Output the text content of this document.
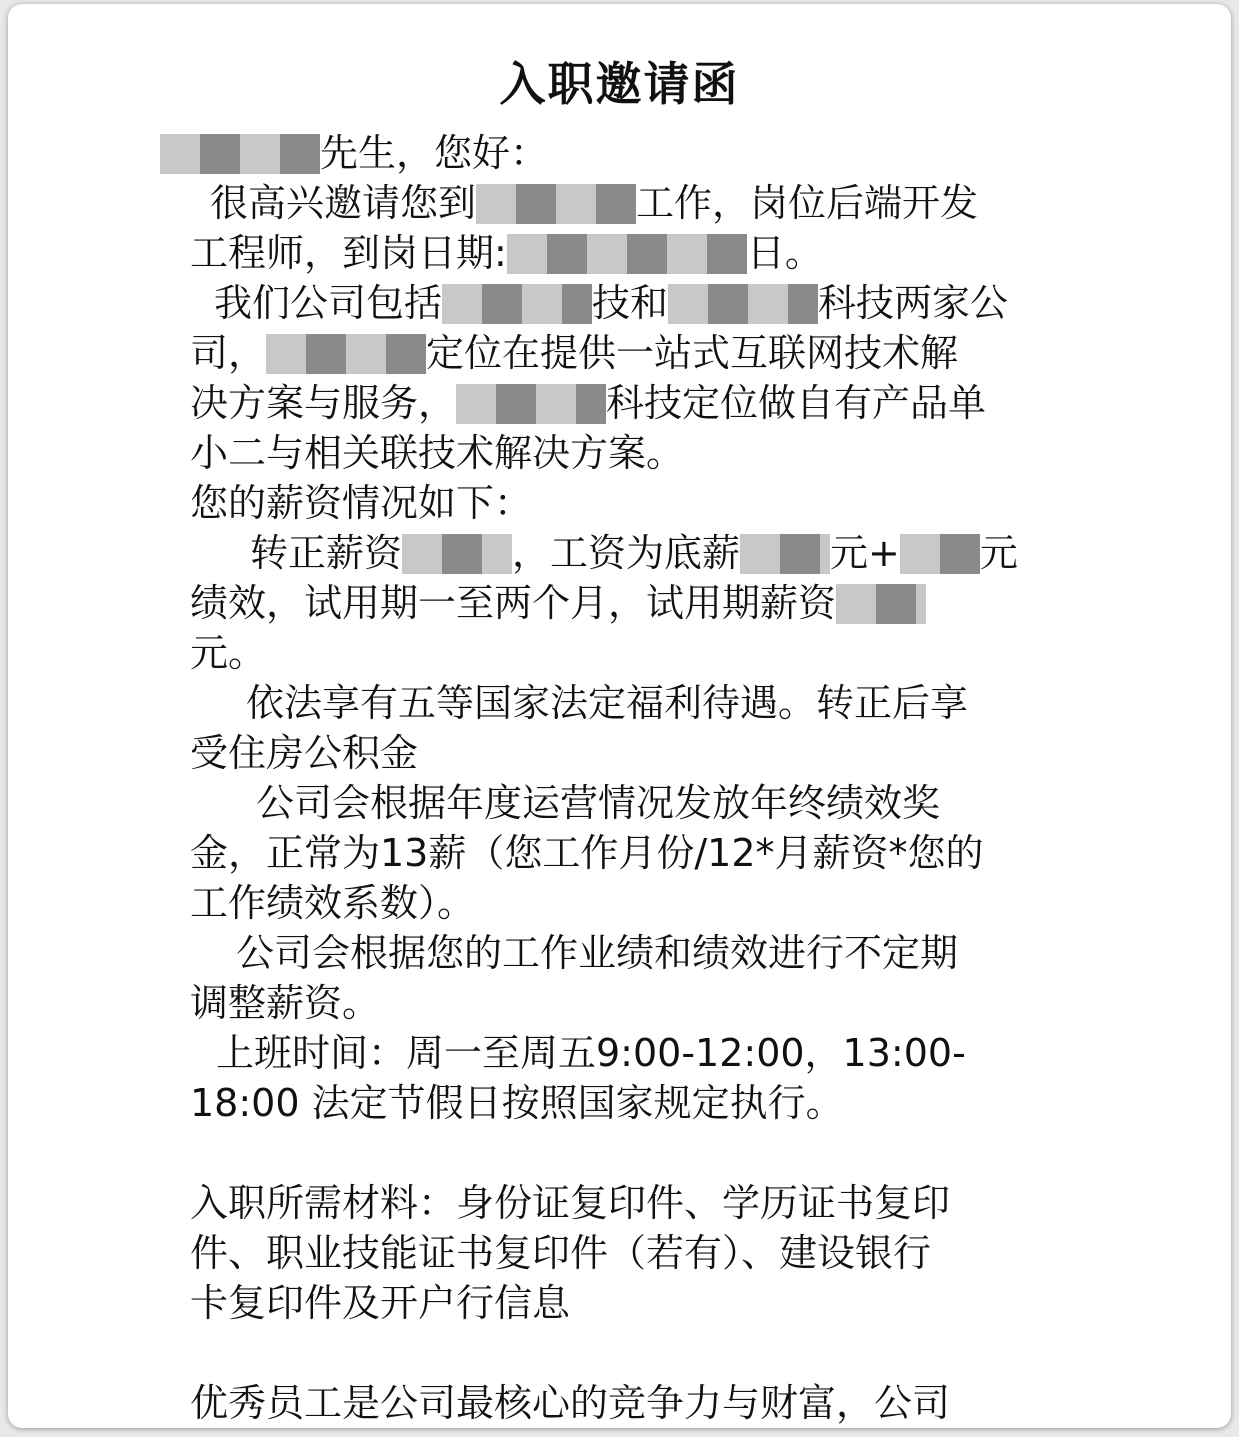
入职邀请函
先生，您好：
很高兴邀请您到	工作，岗位后端开发
工程师，到岗日期:	日。
我们公司包括	技和	科技两家公
司，	定位在提供一站式互联网技术解
决方案与服务，	科技定位做自有产品单
小二与相关联技术解决方案。
您的薪资情况如下：
转正薪资	，工资为底薪 元+ 元
绩效，试用期一至两个月，试用期薪资
元。
依法享有五等国家法定福利待遇。转正后享
受住房公积金
公司会根据年度运营情况发放年终绩效奖
金，正常为13薪（您工作月份/12*月薪资*您的
工作绩效系数）。
公司会根据您的工作业绩和绩效进行不定期
调整薪资。
上班时间：周一至周五9:00-12:00，13:00-
18:00 法定节假日按照国家规定执行。
入职所需材料：身份证复印件、学历证书复印
件、职业技能证书复印件（若有）、建设银行
卡复印件及开户行信息
优秀员工是公司最核心的竞争力与财富，公司
